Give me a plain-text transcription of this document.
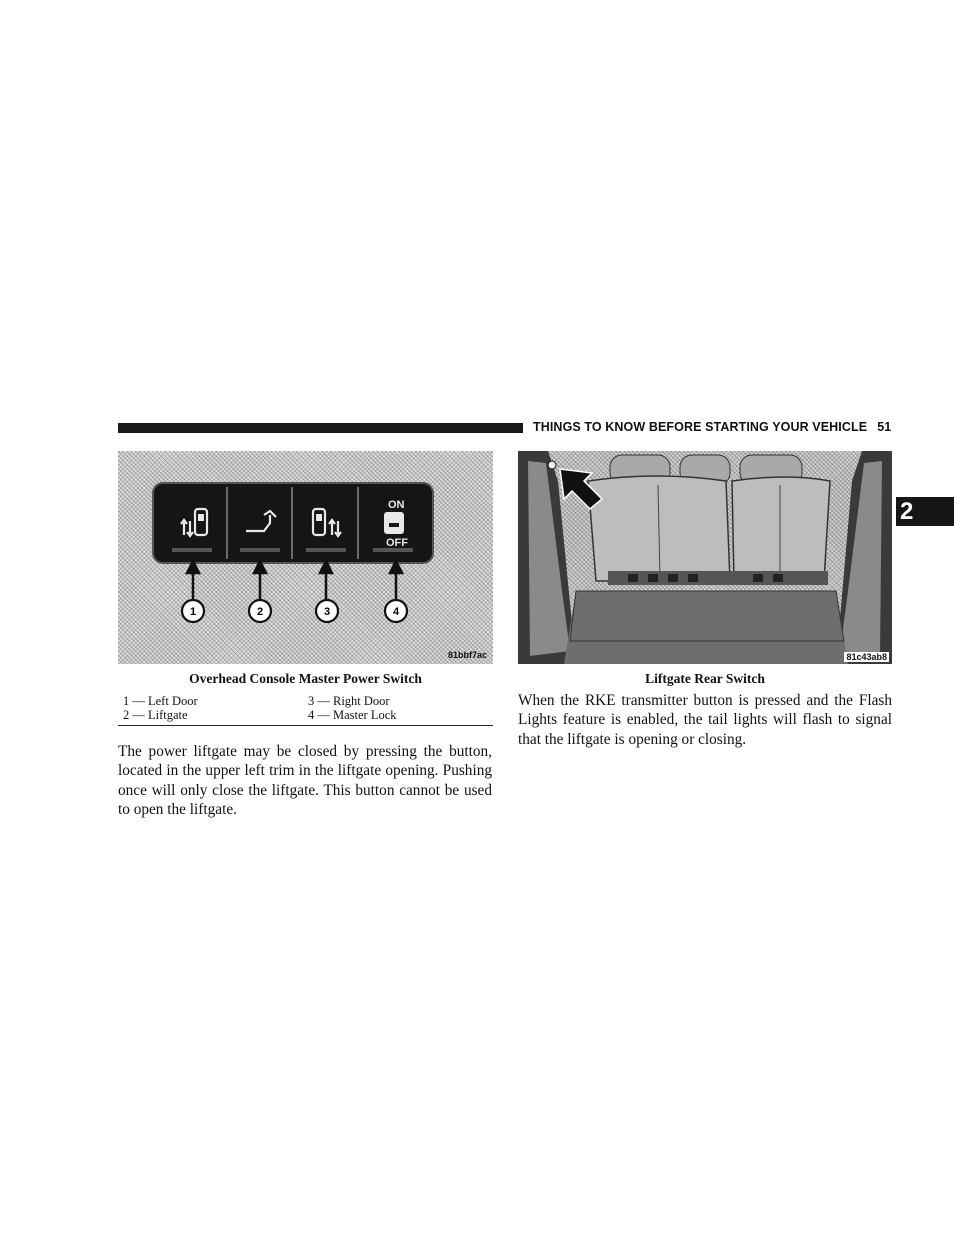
THINGS TO KNOW BEFORE STARTING YOUR VEHICLE 51
2
ON
OFF
1	2	3	4
81bbf7ac
Overhead Console Master Power Switch
1 — Left Door	3 — Right Door
2 — Liftgate	4 — Master Lock

The power liftgate may be closed by pressing the button, located in the upper left trim in the liftgate opening. Pushing once will only close the liftgate. This button cannot be used to open the liftgate.

81c43ab8
Liftgate Rear Switch

When the RKE transmitter button is pressed and the Flash Lights feature is enabled, the tail lights will flash to signal that the liftgate is opening or closing.
